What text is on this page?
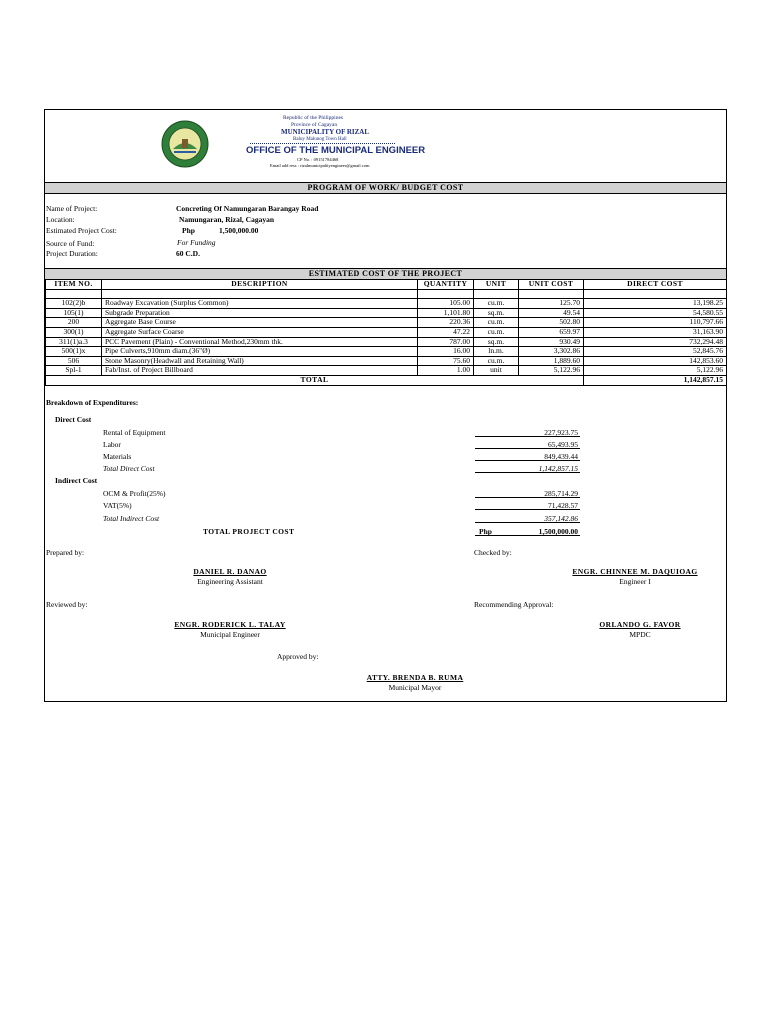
Republic of the Philippines
Province of Cagayan
MUNICIPALITY OF RIZAL
Baluy Malunog Town Hall
OFFICE OF THE MUNICIPAL ENGINEER
CP No. : 09151784468
Email add ress : rizalmunicipalityengineer@gmail.com
PROGRAM OF WORK/ BUDGET COST
Name of Project:	Concreting Of Namungaran Barangay Road
Location:	Namungaran, Rizal, Cagayan
Estimated Project Cost:	Php	1,500,000.00
Source of Fund:	For Funding
Project Duration:	60 C.D.
ESTIMATED COST OF THE PROJECT
ITEM NO.	DESCRIPTION	QUANTITY	UNIT	UNIT COST	DIRECT COST

102(2)b	Roadway Excavation (Surplus Common)	105.00	cu.m.	125.70	13,198.25
105(1)	Subgrade Preparation	1,101.80	sq.m.	49.54	54,580.55
200	Aggregate Base Course	220.36	cu.m.	502.80	110,797.66
300(1)	Aggregate Surface Coarse	47.22	cu.m.	659.97	31,163.90
311(1)a.3	PCC Pavement (Plain) - Conventional Method,230mm thk.	787.00	sq.m.	930.49	732,294.48
500(1)x	Pipe Culverts,910mm diam.(36"Ø)	16.00	ln.m.	3,302.86	52,845.76
506	Stone Masonry(Headwall and Retaining Wall)	75.60	cu.m.	1,889.60	142,853.60
Spl-1	Fab/Inst. of Project Billboard	1.00	unit	5,122.96	5,122.96
TOTAL					1,142,857.15
Breakdown of Expenditures:
Direct Cost
Rental of Equipment	227,923.75
Labor	65,493.95
Materials	849,439.44
Total Direct Cost	1,142,857.15
Indirect Cost
OCM & Profit(25%)	285,714.29
VAT(5%)	71,428.57
Total Indirect Cost	357,142.86
TOTAL PROJECT COST	Php	1,500,000.00
Prepared by:	Checked by:
DANIEL R. DANAO
Engineering Assistant
ENGR. CHINNEE M. DAQUIOAG
Engineer I
Reviewed by:	Recommending Approval:
ENGR. RODERICK L. TALAY
Municipal Engineer
ORLANDO G. FAVOR
MPDC
Approved by:
ATTY. BRENDA B. RUMA
Municipal Mayor
